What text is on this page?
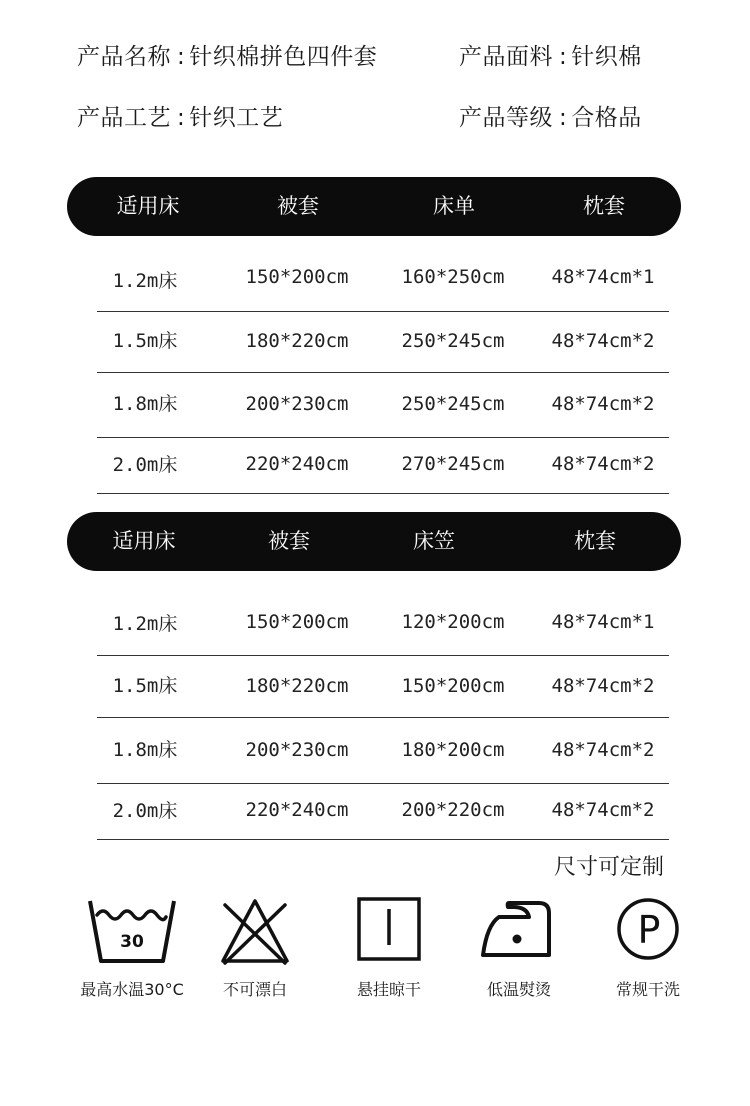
产品名称 : 针织棉拼色四件套	产品面料 : 针织棉
产品工艺 : 针织工艺	产品等级 : 合格品
适用床	被套	床单	枕套
1.2m床	150*200cm	160*250cm 48*74cm*1
1.5m床	180*220cm	250*245cm 48*74cm*2
1.8m床	200*230cm	250*245cm 48*74cm*2
2.0m床	220*240cm	270*245cm 48*74cm*2
适用床	被套	床笠	枕套
1.2m床	150*200cm	120*200cm 48*74cm*1
1.5m床	180*220cm	150*200cm 48*74cm*2
1.8m床	200*230cm	180*200cm 48*74cm*2
2.0m床	220*240cm	200*220cm 48*74cm*2
尺寸可定制
30
最高水温30°C	不可漂白	悬挂晾干	低温熨烫
P
常规干洗
